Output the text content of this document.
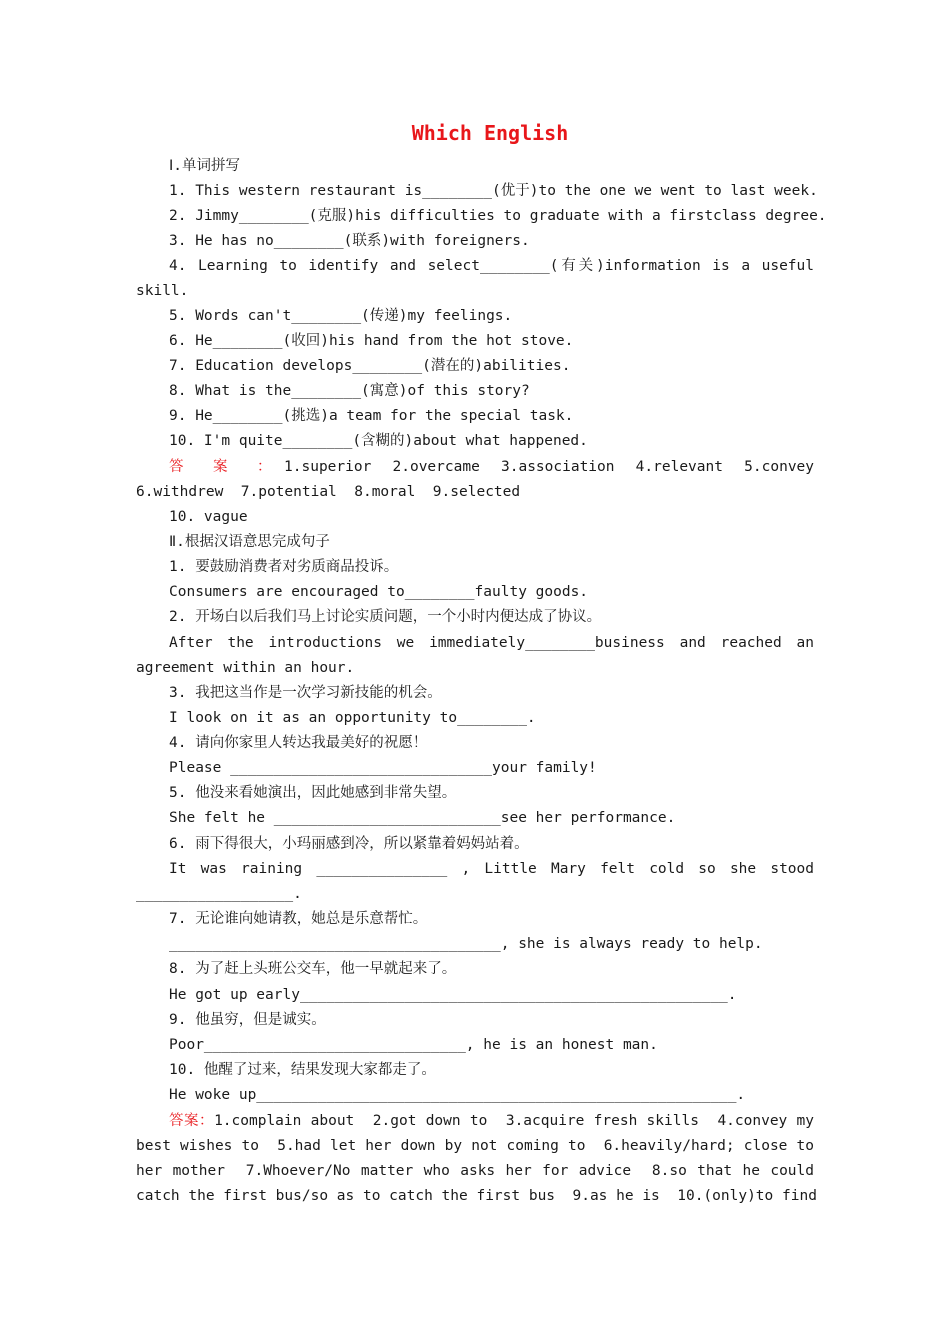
Which English
Ⅰ.单词拼写
1. This western restaurant is________(优于)to the one we went to last week.
2. Jimmy________(克服)his difficulties to graduate with a firstclass degree.
3. He has no________(联系)with foreigners.
4. Learning to identify and select________(有关)information is a useful
skill.
5. Words can't________(传递)my feelings.
6. He________(收回)his hand from the hot stove.
7. Education develops________(潜在的)abilities.
8. What is the________(寓意)of this story?
9. He________(挑选)a team for the special task.
10. I'm quite________(含糊的)about what happened.
答 案 ：1.superior 2.overcame 3.association 4.relevant 5.convey
6.withdrew  7.potential  8.moral  9.selected
10. vague
Ⅱ.根据汉语意思完成句子
1. 要鼓励消费者对劣质商品投诉。
Consumers are encouraged to________faulty goods.
2. 开场白以后我们马上讨论实质问题，一个小时内便达成了协议。
After the introductions we immediately________business and reached an
agreement within an hour.
3. 我把这当作是一次学习新技能的机会。
I look on it as an opportunity to________.
4. 请向你家里人转达我最美好的祝愿！
Please ______________________________your family!
5. 他没来看她演出，因此她感到非常失望。
She felt he __________________________see her performance.
6. 雨下得很大，小玛丽感到冷，所以紧靠着妈妈站着。
It was raining _______________ , Little Mary felt cold so she stood
__________________.
7. 无论谁向她请教，她总是乐意帮忙。
______________________________________, she is always ready to help.
8. 为了赶上头班公交车，他一早就起来了。
He got up early_________________________________________________.
9. 他虽穷，但是诚实。
Poor______________________________, he is an honest man.
10. 他醒了过来，结果发现大家都走了。
He woke up_______________________________________________________.
答案：1.complain about  2.got down to  3.acquire fresh skills  4.convey my
best wishes to  5.had let her down by not coming to  6.heavily/hard; close to
her mother  7.Whoever/No matter who asks her for advice  8.so that he could
catch the first bus/so as to catch the first bus  9.as he is  10.(only)to find
